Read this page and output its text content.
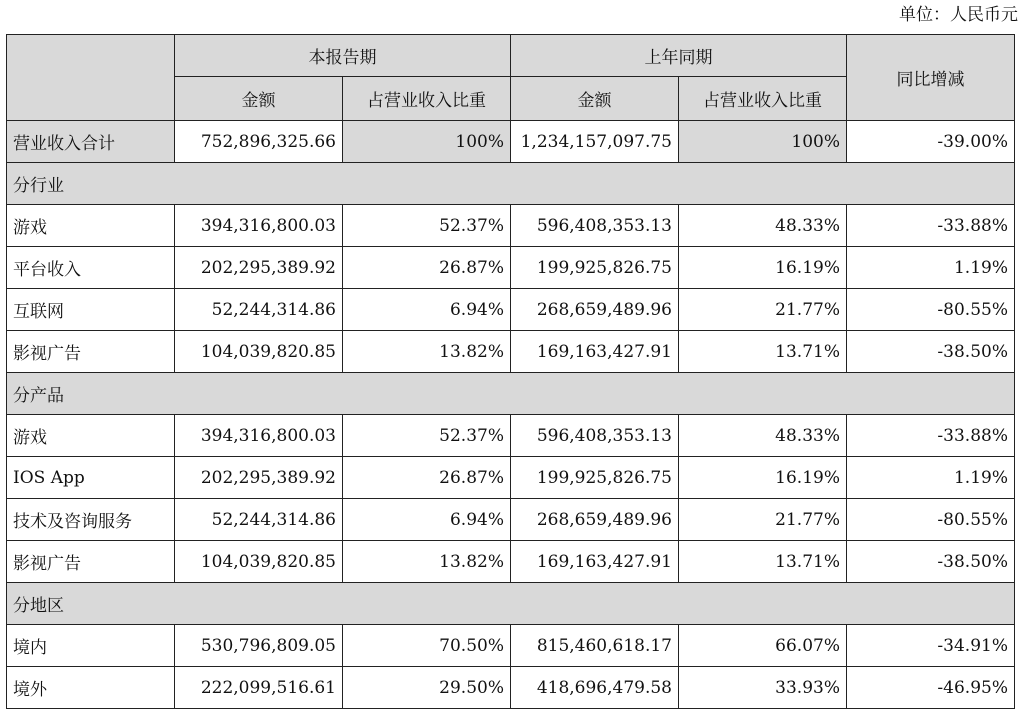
单位：人民币元
	本报告期		上年同期		同比增减
	金额	占营业收入比重	金额	占营业收入比重	
营业收入合计	752,896,325.66	100%	1,234,157,097.75	100%	-39.00%
分行业					
游戏	394,316,800.03	52.37%	596,408,353.13	48.33%	-33.88%
平台收入	202,295,389.92	26.87%	199,925,826.75	16.19%	1.19%
互联网	52,244,314.86	6.94%	268,659,489.96	21.77%	-80.55%
影视广告	104,039,820.85	13.82%	169,163,427.91	13.71%	-38.50%
分产品					
游戏	394,316,800.03	52.37%	596,408,353.13	48.33%	-33.88%
IOS App	202,295,389.92	26.87%	199,925,826.75	16.19%	1.19%
技术及咨询服务	52,244,314.86	6.94%	268,659,489.96	21.77%	-80.55%
影视广告	104,039,820.85	13.82%	169,163,427.91	13.71%	-38.50%
分地区					
境内	530,796,809.05	70.50%	815,460,618.17	66.07%	-34.91%
境外	222,099,516.61	29.50%	418,696,479.58	33.93%	-46.95%
